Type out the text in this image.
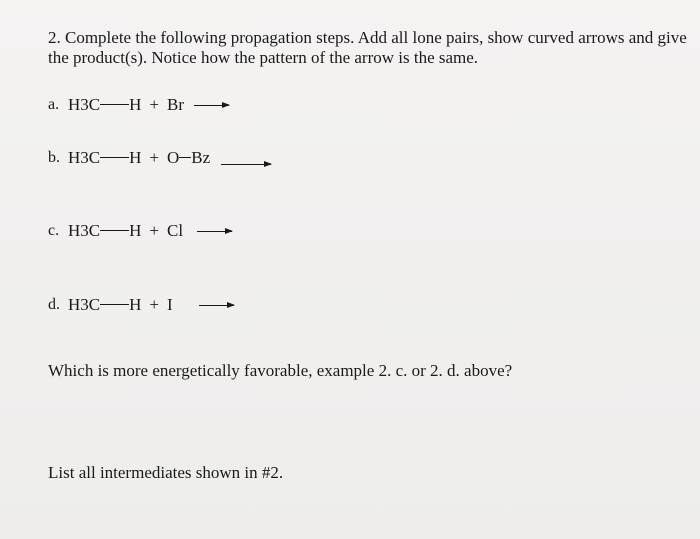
2. Complete the following propagation steps. Add all lone pairs, show curved arrows and give the product(s). Notice how the pattern of the arrow is the same.

a. H3C H + Br →
b. H3C H + O Bz →
c. H3C H + Cl →
d. H3C H + I

Which is more energetically favorable, example 2. c. or 2. d. above?

List all intermediates shown in #2.
